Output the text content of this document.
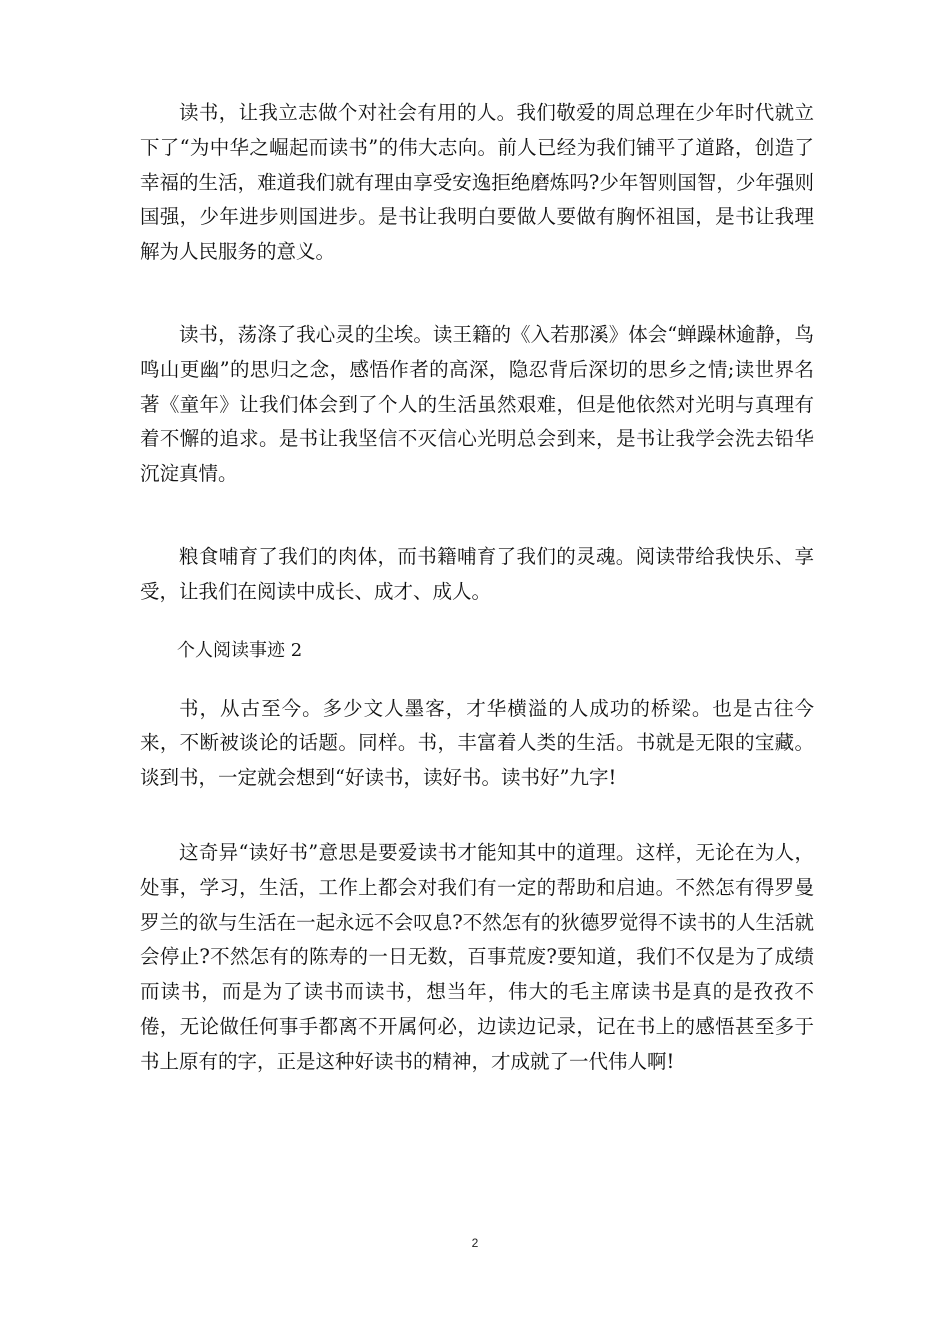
读书，让我立志做个对社会有用的人。我们敬爱的周总理在少年时代就立下了“为中华之崛起而读书”的伟大志向。前人已经为我们铺平了道路，创造了幸福的生活，难道我们就有理由享受安逸拒绝磨炼吗?少年智则国智，少年强则国强，少年进步则国进步。是书让我明白要做人要做有胸怀祖国，是书让我理解为人民服务的意义。

读书，荡涤了我心灵的尘埃。读王籍的《入若那溪》体会“蝉躁林逾静，鸟鸣山更幽”的思归之念，感悟作者的高深，隐忍背后深切的思乡之情;读世界名著《童年》让我们体会到了个人的生活虽然艰难，但是他依然对光明与真理有着不懈的追求。是书让我坚信不灭信心光明总会到来，是书让我学会洗去铅华沉淀真情。

粮食哺育了我们的肉体，而书籍哺育了我们的灵魂。阅读带给我快乐、享受，让我们在阅读中成长、成才、成人。

个人阅读事迹 2

书，从古至今。多少文人墨客，才华横溢的人成功的桥梁。也是古往今来，不断被谈论的话题。同样。书，丰富着人类的生活。书就是无限的宝藏。谈到书，一定就会想到“好读书，读好书。读书好”九字!

这奇异“读好书”意思是要爱读书才能知其中的道理。这样，无论在为人，处事，学习，生活，工作上都会对我们有一定的帮助和启迪。不然怎有得罗曼罗兰的欲与生活在一起永远不会叹息?不然怎有的狄德罗觉得不读书的人生活就会停止?不然怎有的陈寿的一日无数，百事荒废?要知道，我们不仅是为了成绩而读书，而是为了读书而读书，想当年，伟大的毛主席读书是真的是孜孜不倦，无论做任何事手都离不开属何必，边读边记录，记在书上的感悟甚至多于书上原有的字，正是这种好读书的精神，才成就了一代伟人啊!

2
